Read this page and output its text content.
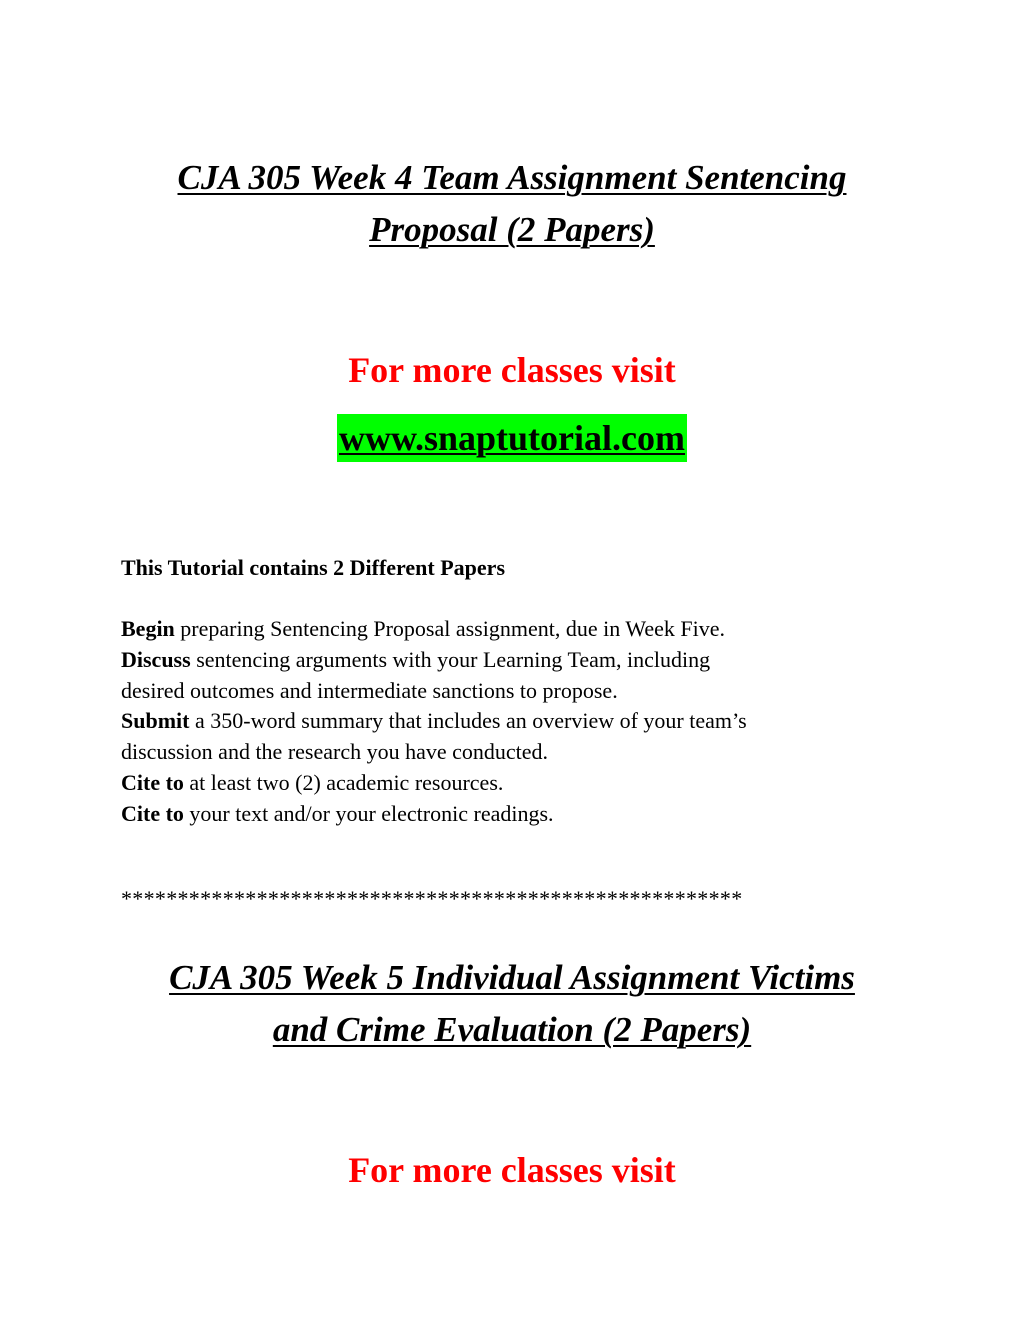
CJA 305 Week 4 Team Assignment Sentencing
Proposal (2 Papers)

For more classes visit

www.snaptutorial.com

This Tutorial contains 2 Different Papers

Begin preparing Sentencing Proposal assignment, due in Week Five.
Discuss sentencing arguments with your Learning Team, including
desired outcomes and intermediate sanctions to propose.
Submit a 350-word summary that includes an overview of your team’s
discussion and the research you have conducted.
Cite to at least two (2) academic resources.
Cite to your text and/or your electronic readings.

*******************************************************

CJA 305 Week 5 Individual Assignment Victims
and Crime Evaluation (2 Papers)

For more classes visit
